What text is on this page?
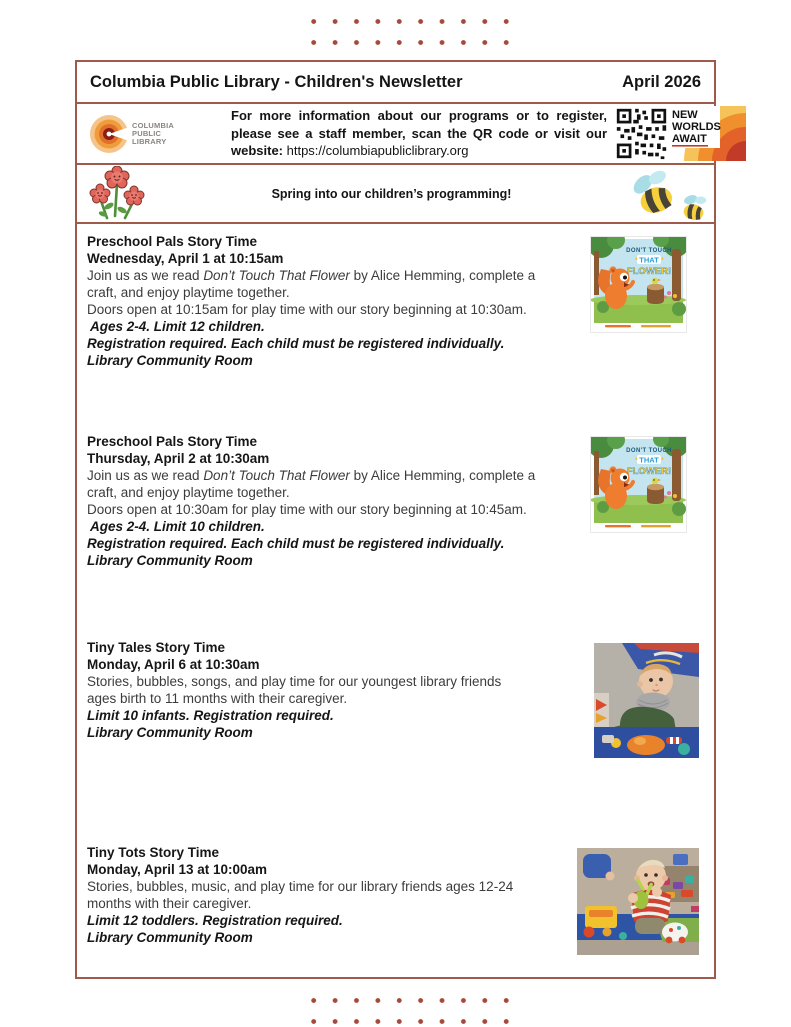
Columbia Public Library - Children's Newsletter	April 2026
COLUMBIA
PUBLIC
LIBRARY

For more information about our programs or to register, please see a staff member, scan the QR code or visit our website: https://columbiapubliclibrary.org

NEW
WORLDS
AWAIT
Spring into our children’s programming!
Preschool Pals Story Time
Wednesday, April 1 at 10:15am

Join us as we read Don’t Touch That Flower by Alice Hemming, complete a craft, and enjoy playtime together.

Doors open at 10:15am for play time with our story beginning at 10:30am.
Ages 2-4. Limit 12 children.
Registration required. Each child must be registered individually.
Library Community Room
DON'T TOUCH
THAT
FLOWER!
Preschool Pals Story Time
Thursday, April 2 at 10:30am

Join us as we read Don’t Touch That Flower by Alice Hemming, complete a craft, and enjoy playtime together.

Doors open at 10:30am for play time with our story beginning at 10:45am.
Ages 2-4. Limit 10 children.
Registration required. Each child must be registered individually.
Library Community Room
DON'T TOUCH
THAT
FLOWER!
Tiny Tales Story Time
Monday, April 6 at 10:30am

Stories, bubbles, songs, and play time for our youngest library friends ages birth to 11 months with their caregiver.

Limit 10 infants. Registration required.
Library Community Room
Tiny Tots Story Time
Monday, April 13 at 10:00am

Stories, bubbles, music, and play time for our library friends ages 12-24 months with their caregiver.

Limit 12 toddlers. Registration required.
Library Community Room
